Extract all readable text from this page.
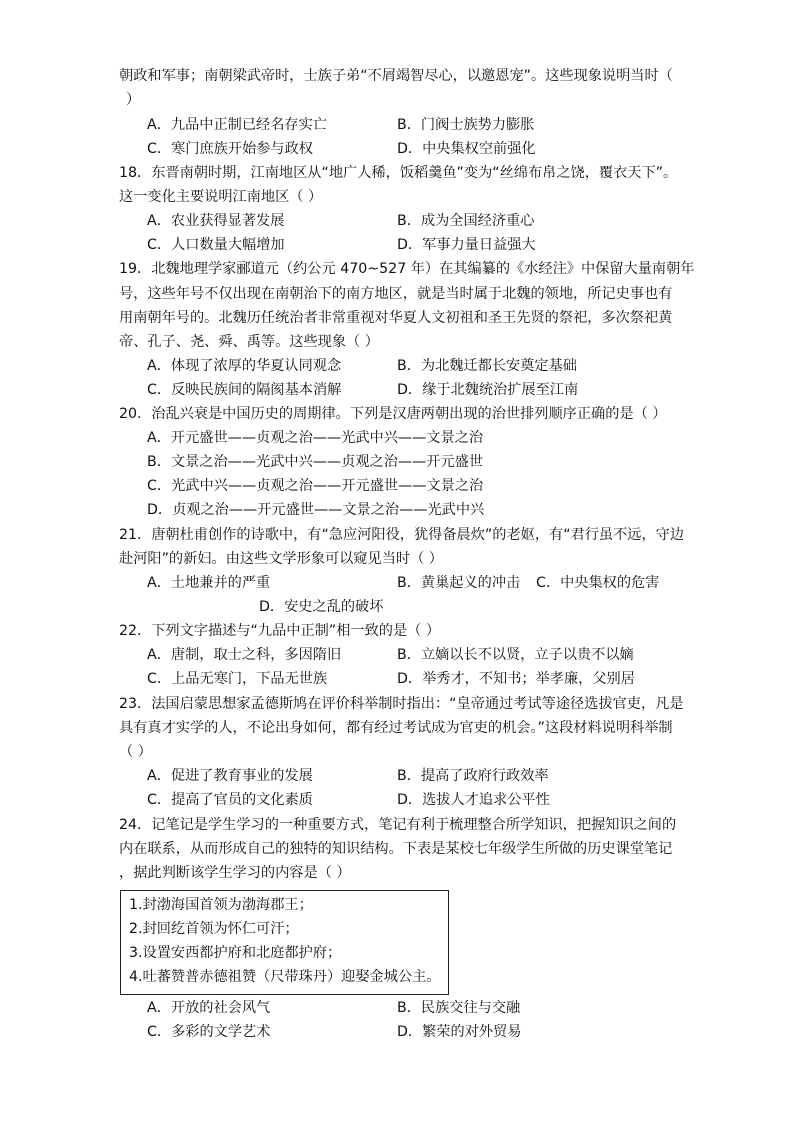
朝政和军事；南朝梁武帝时，士族子弟“不屑竭智尽心，以邀恩宠”。这些现象说明当时（
）
A．九品中正制已经名存实亡	B．门阀士族势力膨胀
C．寒门庶族开始参与政权	D．中央集权空前强化
18．东晋南朝时期，江南地区从“地广人稀，饭稻羹鱼”变为“丝绵布帛之饶，覆衣天下”。
这一变化主要说明江南地区（ ）
A．农业获得显著发展	B．成为全国经济重心
C．人口数量大幅增加	D．军事力量日益强大
19．北魏地理学家郦道元（约公元 470~527 年）在其编纂的《水经注》中保留大量南朝年
号，这些年号不仅出现在南朝治下的南方地区，就是当时属于北魏的领地，所记史事也有
用南朝年号的。北魏历任统治者非常重视对华夏人文初祖和圣王先贤的祭祀，多次祭祀黄
帝、孔子、尧、舜、禹等。这些现象（ ）
A．体现了浓厚的华夏认同观念	B．为北魏迁都长安奠定基础
C．反映民族间的隔阂基本消解	D．缘于北魏统治扩展至江南
20．治乱兴衰是中国历史的周期律。下列是汉唐两朝出现的治世排列顺序正确的是（ ）
A．开元盛世——贞观之治——光武中兴——文景之治
B．文景之治——光武中兴——贞观之治——开元盛世
C．光武中兴——贞观之治——开元盛世——文景之治
D．贞观之治——开元盛世——文景之治——光武中兴
21．唐朝杜甫创作的诗歌中，有“急应河阳役，犹得备晨炊”的老妪，有“君行虽不远，守边
赴河阳”的新妇。由这些文学形象可以窥见当时（ ）
A．土地兼并的严重	B．黄巢起义的冲击 C．中央集权的危害
D．安史之乱的破坏
22．下列文字描述与“九品中正制”相一致的是（ ）
A．唐制，取士之科，多因隋旧	B．立嫡以长不以贤，立子以贵不以嫡
C．上品无寒门，下品无世族	D．举秀才，不知书；举孝廉，父别居
23．法国启蒙思想家孟德斯鸠在评价科举制时指出：“皇帝通过考试等途径选拔官吏，凡是
具有真才实学的人，不论出身如何，都有经过考试成为官吏的机会。”这段材料说明科举制
（ ）
A．促进了教育事业的发展	B．提高了政府行政效率
C．提高了官员的文化素质	D．选拔人才追求公平性
24．记笔记是学生学习的一种重要方式，笔记有利于梳理整合所学知识，把握知识之间的
内在联系，从而形成自己的独特的知识结构。下表是某校七年级学生所做的历史课堂笔记
，据此判断该学生学习的内容是（ ）
1.封渤海国首领为渤海郡王；
2.封回纥首领为怀仁可汗；
3.设置安西都护府和北庭都护府；
4.吐蕃赞普赤德祖赞（尺带珠丹）迎娶金城公主。
A．开放的社会风气	B．民族交往与交融
C．多彩的文学艺术	D．繁荣的对外贸易
